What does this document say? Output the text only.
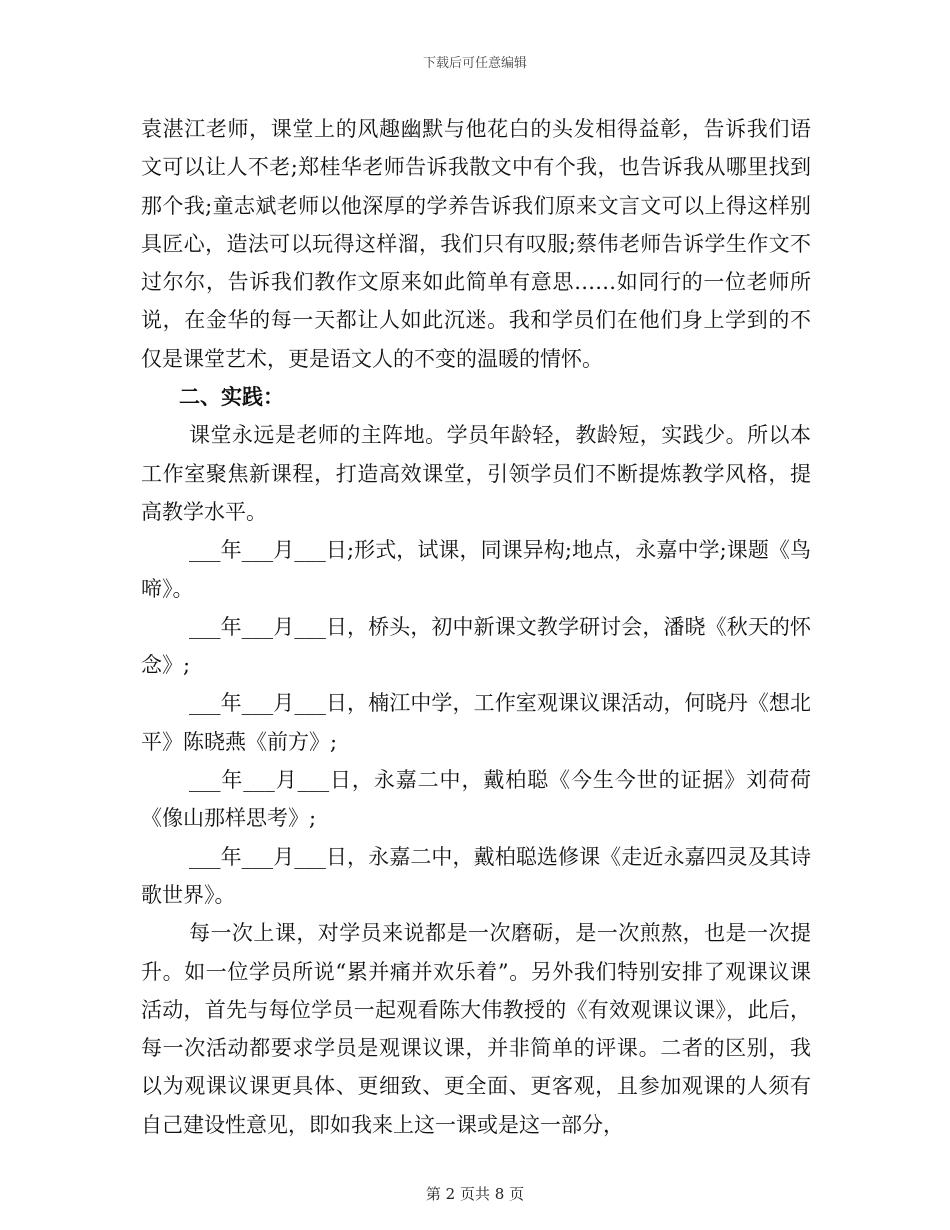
下载后可任意编辑

袁湛江老师，课堂上的风趣幽默与他花白的头发相得益彰，告诉我们语文可以让人不老;郑桂华老师告诉我散文中有个我，也告诉我从哪里找到那个我;童志斌老师以他深厚的学养告诉我们原来文言文可以上得这样别具匠心，造法可以玩得这样溜，我们只有叹服;蔡伟老师告诉学生作文不过尔尔，告诉我们教作文原来如此简单有意思……如同行的一位老师所说，在金华的每一天都让人如此沉迷。我和学员们在他们身上学到的不仅是课堂艺术，更是语文人的不变的温暖的情怀。

二、实践：

课堂永远是老师的主阵地。学员年龄轻，教龄短，实践少。所以本工作室聚焦新课程，打造高效课堂，引领学员们不断提炼教学风格，提高教学水平。

___年___月___日;形式，试课，同课异构;地点，永嘉中学;课题《鸟啼》。

___年___月___日，桥头，初中新课文教学研讨会，潘晓《秋天的怀念》;

___年___月___日，楠江中学，工作室观课议课活动，何晓丹《想北平》陈晓燕《前方》;

___年___月___日，永嘉二中，戴柏聪《今生今世的证据》刘荷荷《像山那样思考》;

___年___月___日，永嘉二中，戴柏聪选修课《走近永嘉四灵及其诗歌世界》。

每一次上课，对学员来说都是一次磨砺，是一次煎熬，也是一次提升。如一位学员所说“累并痛并欢乐着”。另外我们特别安排了观课议课活动，首先与每位学员一起观看陈大伟教授的《有效观课议课》，此后，每一次活动都要求学员是观课议课，并非简单的评课。二者的区别，我以为观课议课更具体、更细致、更全面、更客观，且参加观课的人须有自己建设性意见，即如我来上这一课或是这一部分，

第 2 页共 8 页
